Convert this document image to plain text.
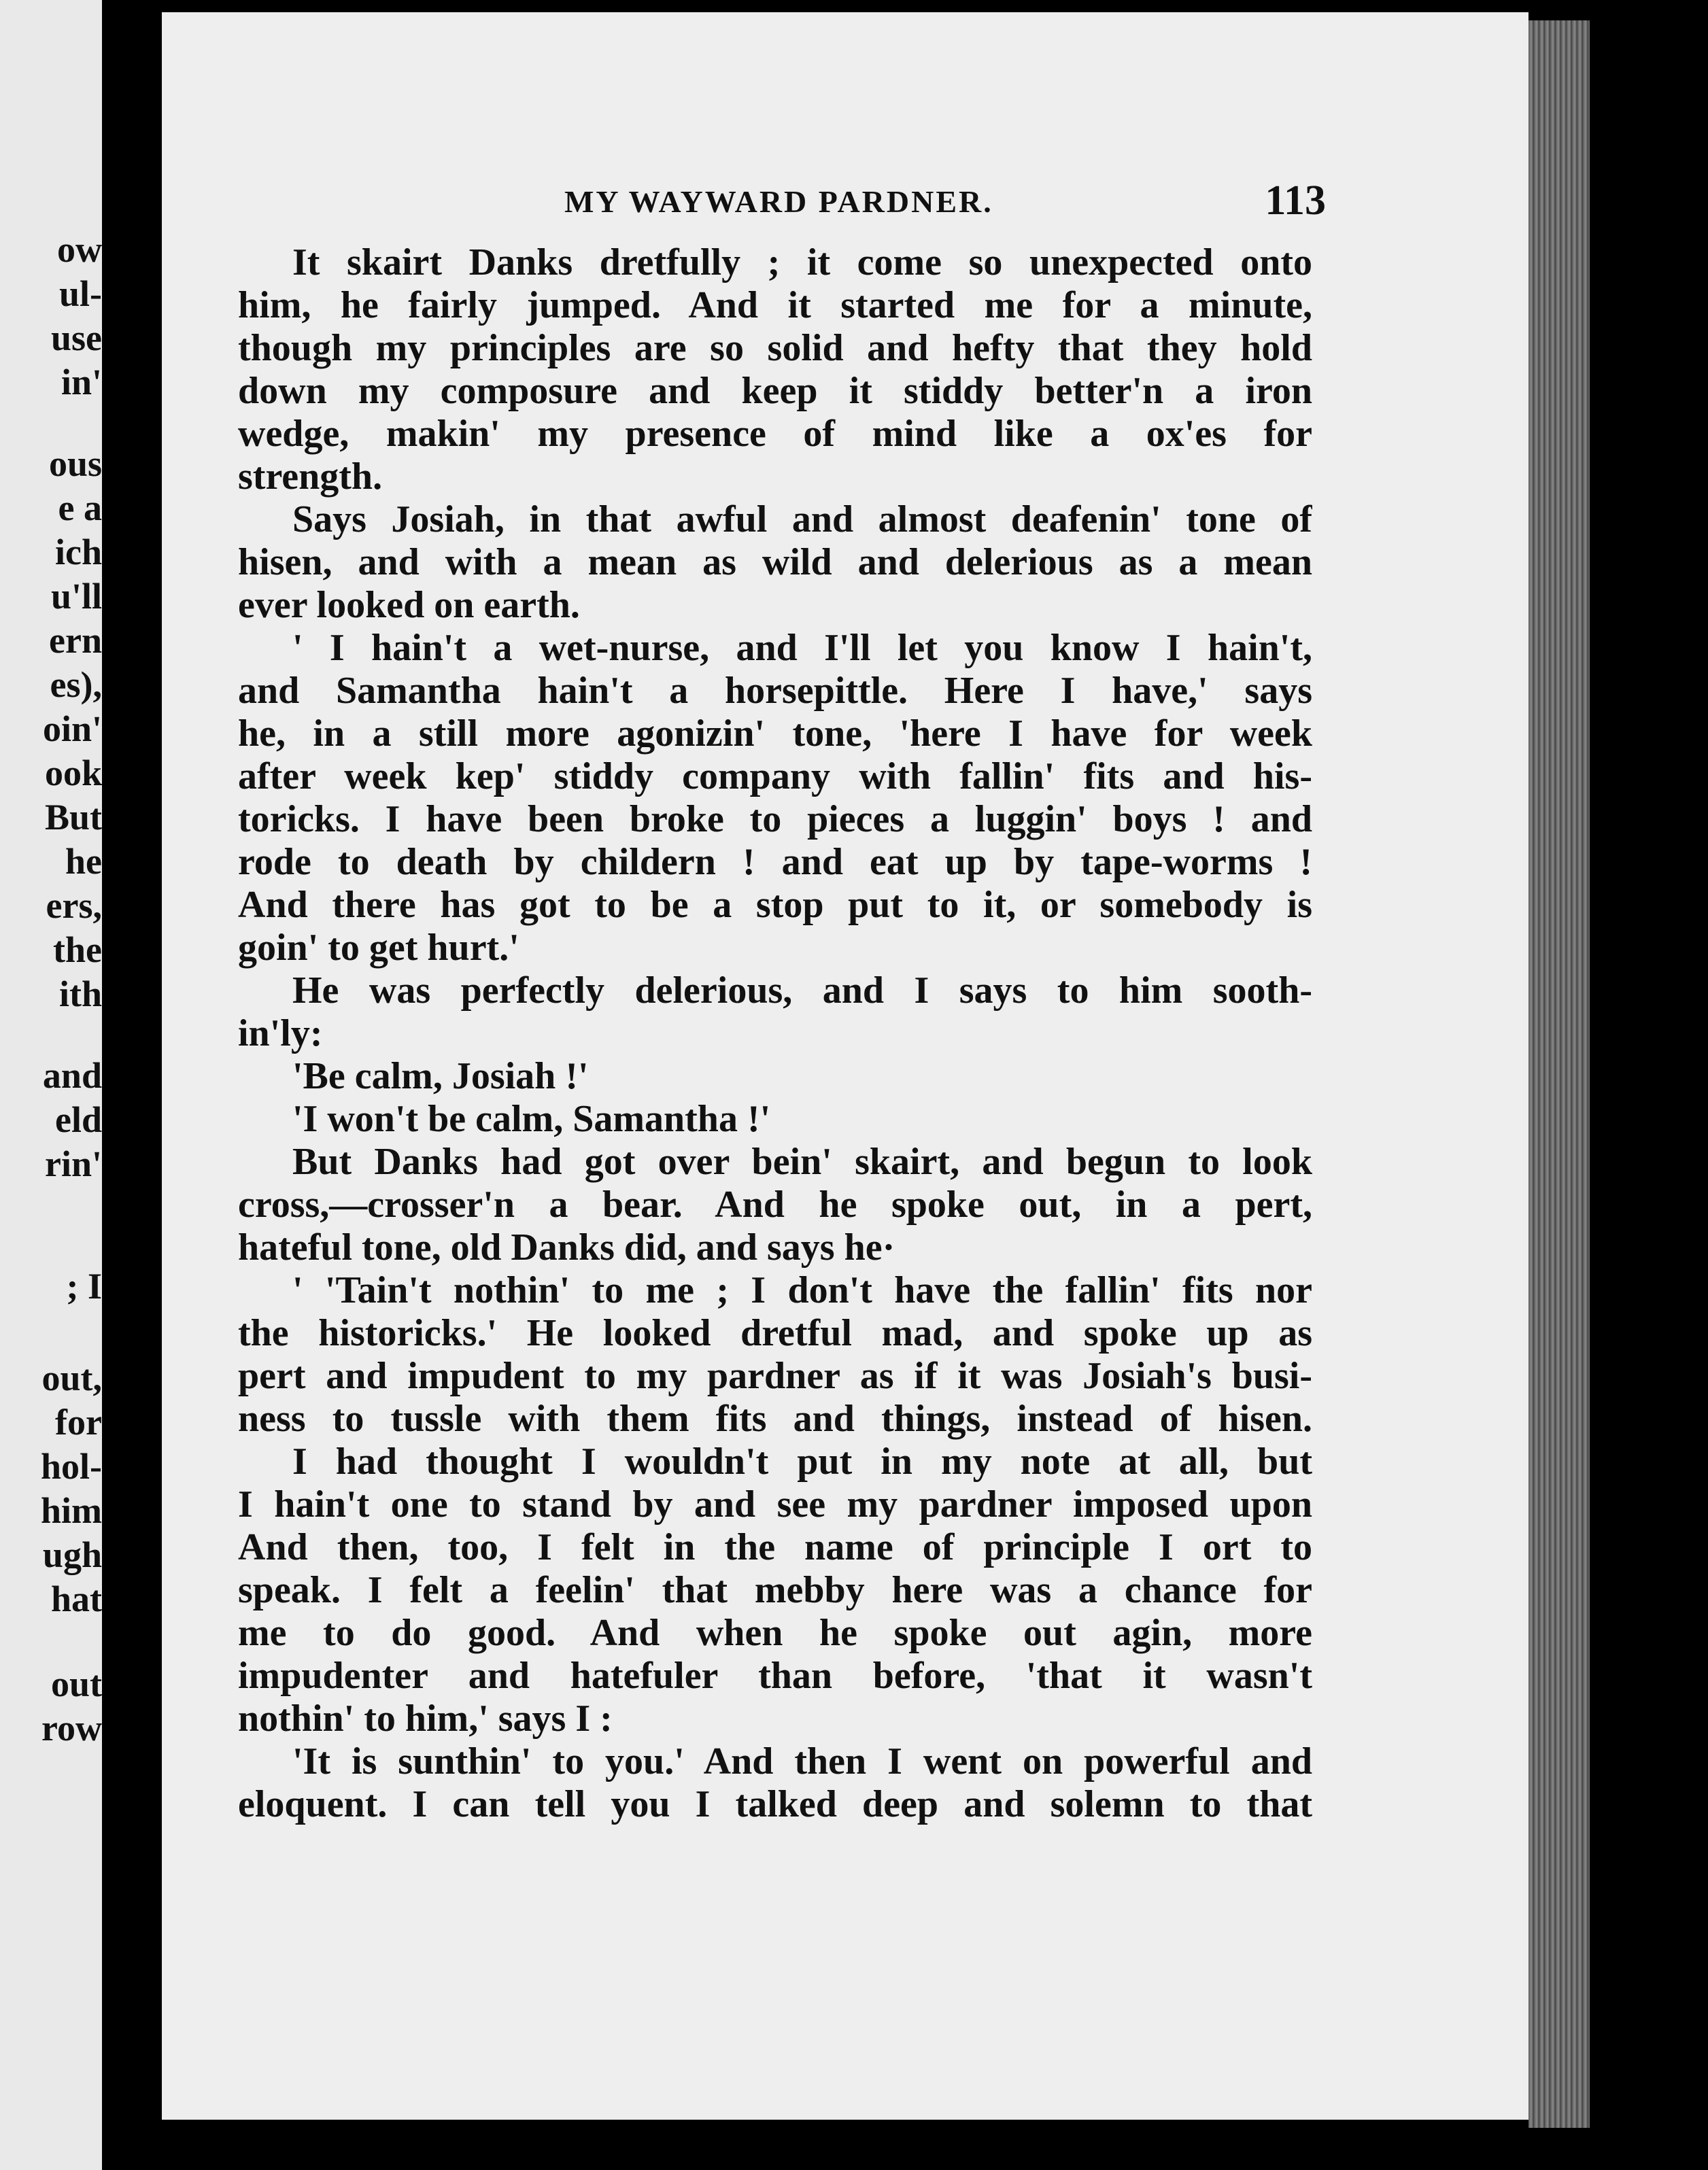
ow
ul-
use
in'
ous
e a
ich
u'll
ern
es),
oin'
ook
But
he
ers,
the
ith
and
eld
rin'
; I
out,
for
hol-
him
ugh
hat
out
row
MY WAYWARD PARDNER.	113
It skairt Danks dretfully ; it come so unexpected onto
him, he fairly jumped. And it started me for a minute,
though my principles are so solid and hefty that they hold
down my composure and keep it stiddy better'n a iron
wedge, makin' my presence of mind like a ox'es for
strength.
Says Josiah, in that awful and almost deafenin' tone of
hisen, and with a mean as wild and delerious as a mean
ever looked on earth.
' I hain't a wet-nurse, and I'll let you know I hain't,
and Samantha hain't a horsepittle. Here I have,' says
he, in a still more agonizin' tone, 'here I have for week
after week kep' stiddy company with fallin' fits and his-
toricks. I have been broke to pieces a luggin' boys ! and
rode to death by childern ! and eat up by tape-worms !
And there has got to be a stop put to it, or somebody is
goin' to get hurt.'
He was perfectly delerious, and I says to him sooth-
in'ly:
'Be calm, Josiah !'
'I won't be calm, Samantha !'
But Danks had got over bein' skairt, and begun to look
cross,—crosser'n a bear. And he spoke out, in a pert,
hateful tone, old Danks did, and says he·
' 'Tain't nothin' to me ; I don't have the fallin' fits nor
the historicks.' He looked dretful mad, and spoke up as
pert and impudent to my pardner as if it was Josiah's busi-
ness to tussle with them fits and things, instead of hisen.
I had thought I wouldn't put in my note at all, but
I hain't one to stand by and see my pardner imposed upon
And then, too, I felt in the name of principle I ort to
speak. I felt a feelin' that mebby here was a chance for
me to do good. And when he spoke out agin, more
impudenter and hatefuler than before, 'that it wasn't
nothin' to him,' says I :
'It is sunthin' to you.' And then I went on powerful and
eloquent. I can tell you I talked deep and solemn to that
